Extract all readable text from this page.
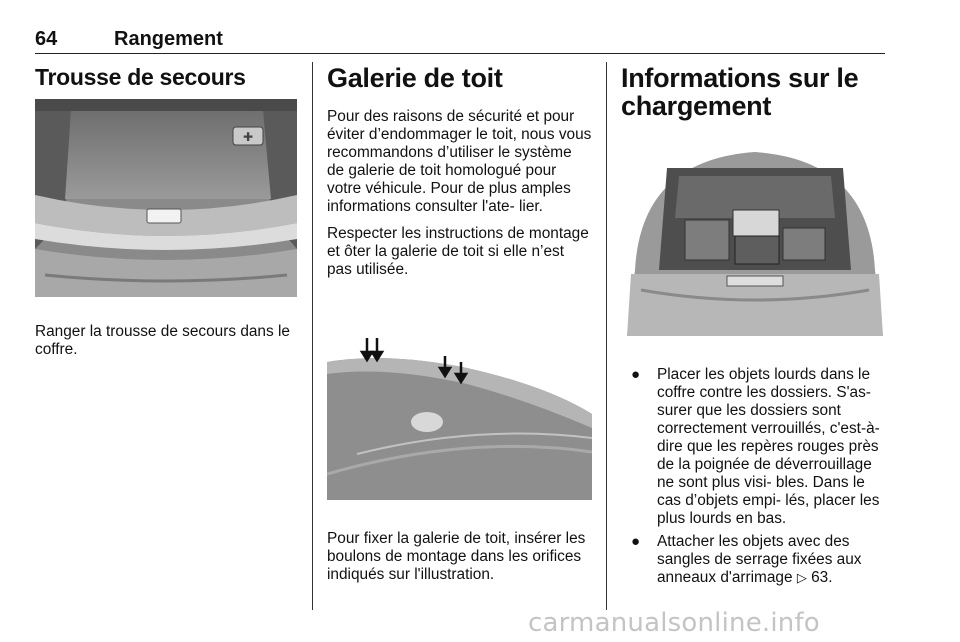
64	Rangement
Trousse de secours
✚

Ranger la trousse de secours dans le coffre.

Galerie de toit

Pour des raisons de sécurité et pour éviter d’endommager le toit, nous vous recommandons d’utiliser le système de galerie de toit homologué pour votre véhicule. Pour de plus amples informations consulter l'ate- lier.

Respecter les instructions de montage et ôter la galerie de toit si elle n’est pas utilisée.

Pour fixer la galerie de toit, insérer les boulons de montage dans les orifices indiqués sur l'illustration.

Informations sur le chargement
● Placer les objets lourds dans le coffre contre les dossiers. S'as- surer que les dossiers sont correctement verrouillés, c'est-à-dire que les repères rouges près de la poignée de déverrouillage ne sont plus visi- bles. Dans le cas d’objets empi- lés, placer les plus lourds en bas.
● Attacher les objets avec des sangles de serrage fixées aux anneaux d'arrimage ▷ 63.
carmanualsonline.info
